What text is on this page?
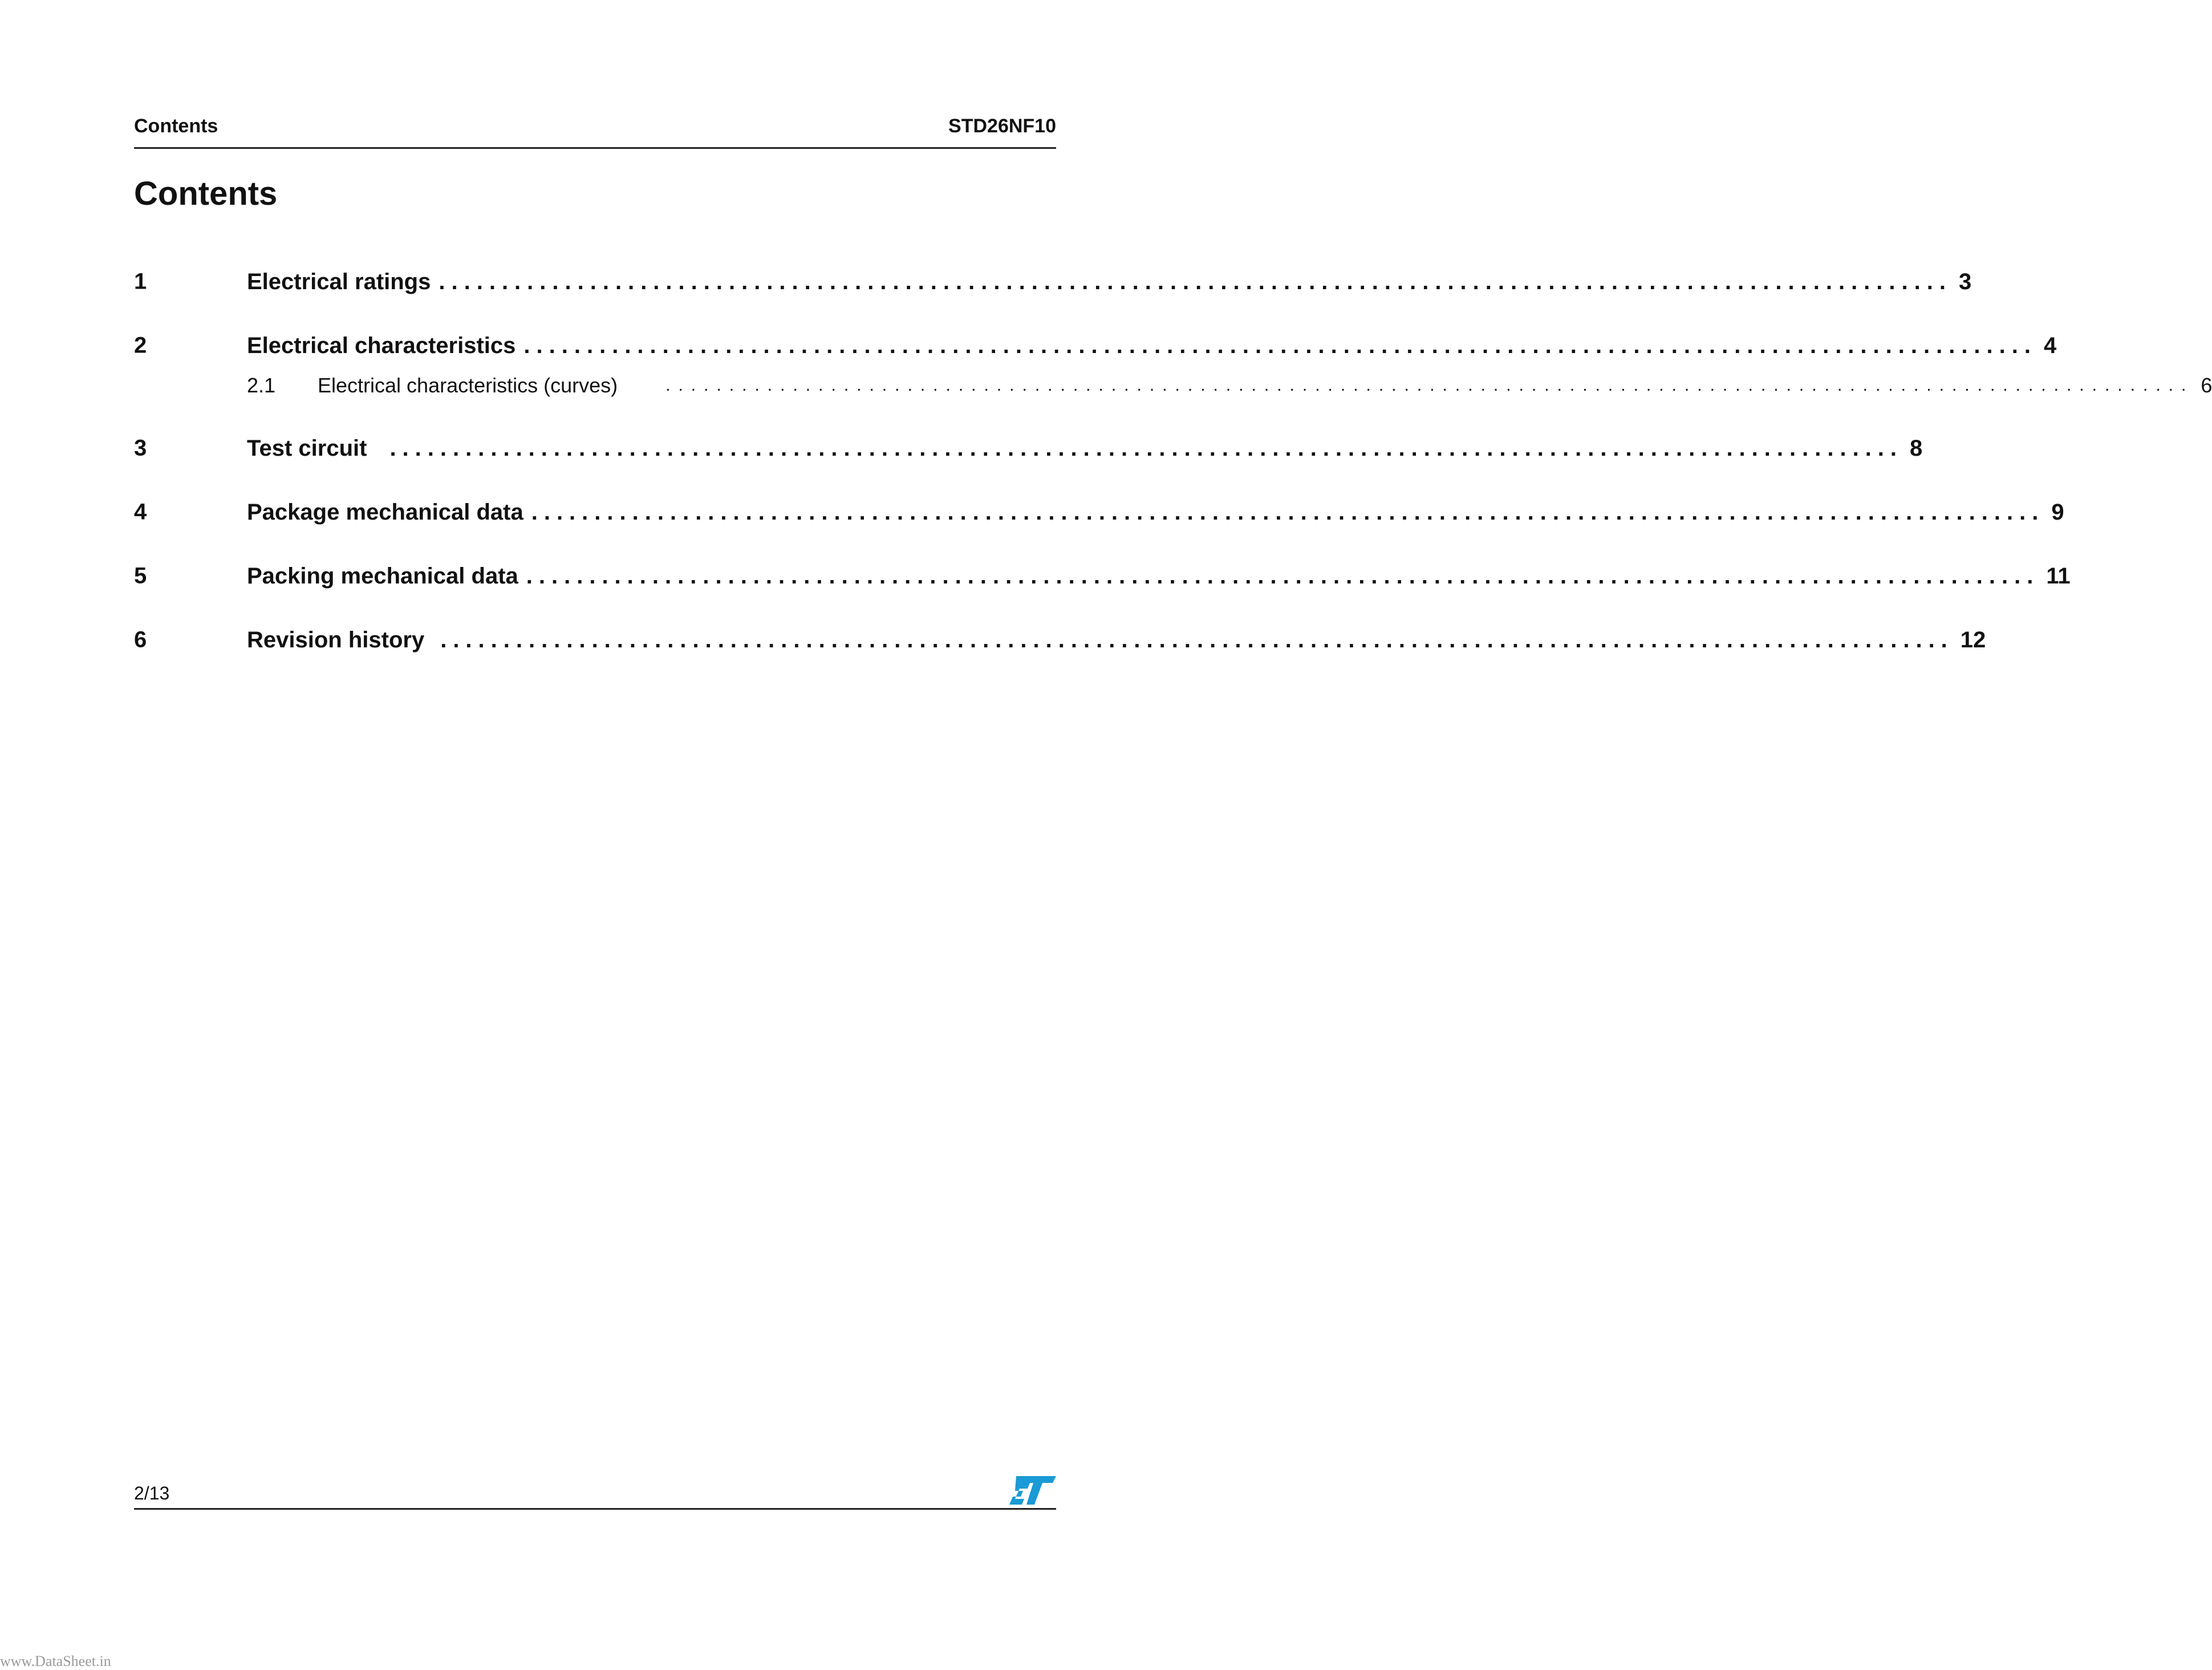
Contents	STD26NF10
Contents
1	Electrical ratings ........................................................................................................................ 3
2	Electrical characteristics ........................................................................................................................ 4
2.1	Electrical characteristics (curves)	........................................................................................................................ 6
3	Test circuit	........................................................................................................................ 8
4	Package mechanical data ........................................................................................................................ 9
5	Packing mechanical data ........................................................................................................................ 11
6	Revision history ........................................................................................................................ 12
2/13
www.DataSheet.in
